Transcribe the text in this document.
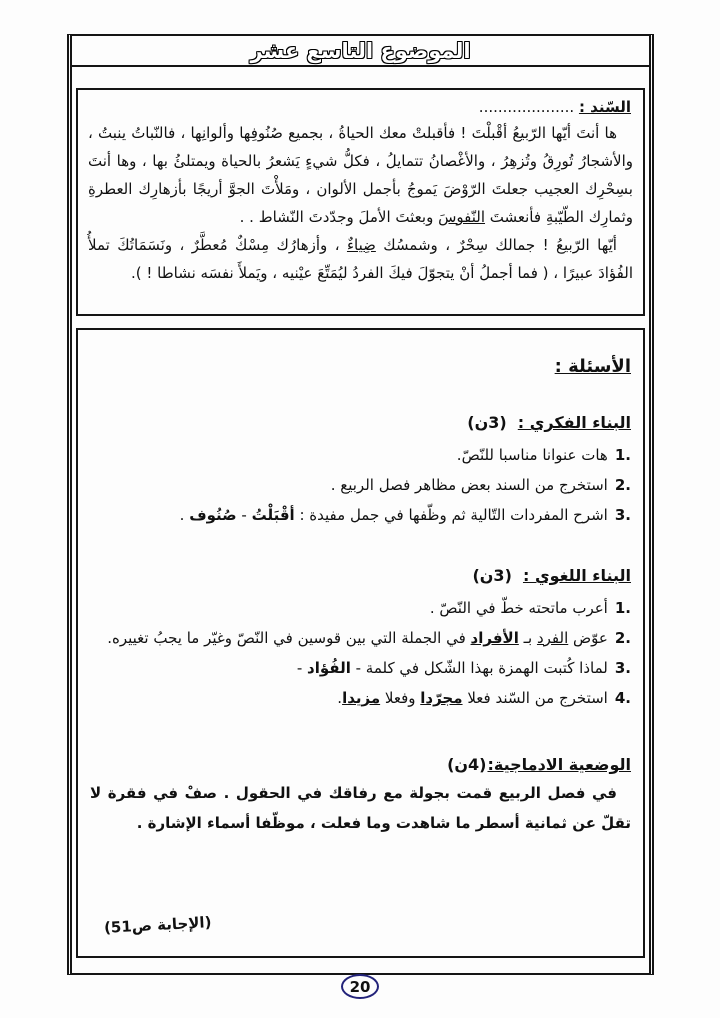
الموضوع التاسع عشر
السّند : ....................

ها أنتَ أيّها الرّبيعُ أقْبلْتَ ! فأقبلتْ معك الحياةُ ، بجميع صُنُوفِها وألوانِها ، فالنّباتُ ينبتُ ، والأشجارُ تُورِقُ وتُزهِرُ ، والأغْصانُ تتمايلُ ، فكلُّ شيءٍ يَشعرُ بالحياة ويمتلئُ بها ، وها أنتَ بسِحْرِك العجيب جعلتَ الرّوْضَ يَموجُ بأجمل الألوان ، ومَلأْتَ الجوَّ أريجًا بأزهارِك العطرةِ وثمارِك الطّيّبةِ فأنعشتَ النّفوسَ وبعثتَ الأملَ وجدّدتَ النّشاط . .

أيّها الرّبيعُ ! جمالك سِحْرٌ ، وشمسُك ضِياءٌ ، وأزهارُك مِسْكٌ مُعطَّرٌ ، ونَسَمَاتُكَ تملأُ الفُؤادَ عبيرًا ، ( فما أجملُ أنْ يتجوّلَ فيكَ الفردُ ليُمَتِّعَ عيْنيه ، ويَملأَ نفسَه نشاطا ! ).

الأسئلة :
البناء الفكري : (3ن)
1.هات عنوانا مناسبا للنّصّ.
2.استخرج من السند بعض مظاهر فصل الربيع .
3.اشرح المفردات التّالية ثم وظّفها في جمل مفيدة : أقْبَلْتُ - صُنُوف .
البناء اللغوي : (3ن)
1.أعرب ماتحته خطّ في النّصّ .
2.عوّض الفرد بـ الأفراد في الجملة التي بين قوسين في النّصّ وغيّر ما يجبُ تغييره.
3.لماذا كُتبت الهمزة بهذا الشّكل في كلمة - الفُؤاد -
4.استخرج من السّند فعلا مجرّدا وفعلا مزيدا.
الوضعية الادماجية:(4ن)

في فصل الربيع قمت بجولة مع رفاقك في الحقول . صفْ في فقرة لا تقلّ عن ثمانية أسطر ما شاهدت وما فعلت ، موظّفا أسماء الإشارة .

(الإجابة ص51)
20
